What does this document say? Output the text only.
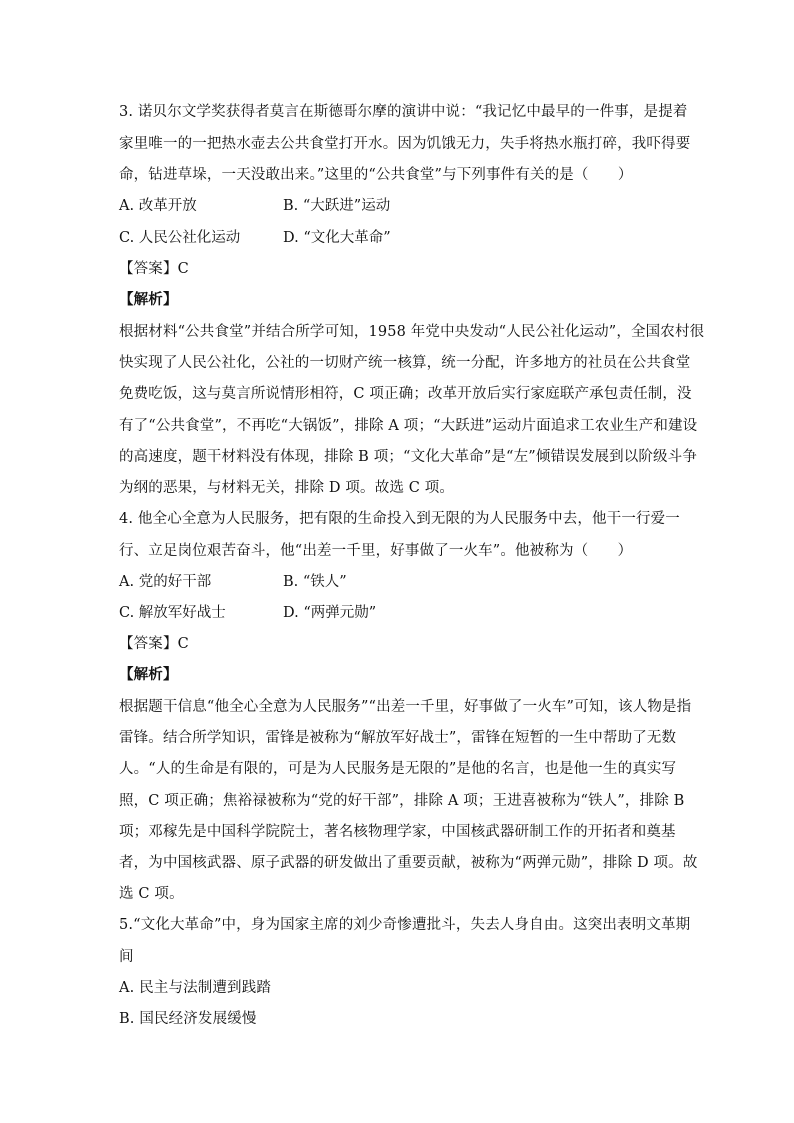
3. 诺贝尔文学奖获得者莫言在斯德哥尔摩的演讲中说：“我记忆中最早的一件事，是提着
家里唯一的一把热水壶去公共食堂打开水。因为饥饿无力，失手将热水瓶打碎，我吓得要
命，钻进草垛，一天没敢出来。”这里的“公共食堂”与下列事件有关的是（　　）
A. 改革开放	B. “大跃进”运动
C. 人民公社化运动	D. “文化大革命”
【答案】C
【解析】
根据材料“公共食堂”并结合所学可知，1958 年党中央发动“人民公社化运动”，全国农村很
快实现了人民公社化，公社的一切财产统一核算，统一分配，许多地方的社员在公共食堂
免费吃饭，这与莫言所说情形相符，C 项正确；改革开放后实行家庭联产承包责任制，没
有了“公共食堂”，不再吃“大锅饭”，排除 A 项；“大跃进”运动片面追求工农业生产和建设
的高速度，题干材料没有体现，排除 B 项；“文化大革命”是“左”倾错误发展到以阶级斗争
为纲的恶果，与材料无关，排除 D 项。故选 C 项。
4. 他全心全意为人民服务，把有限的生命投入到无限的为人民服务中去，他干一行爱一
行、立足岗位艰苦奋斗，他“出差一千里，好事做了一火车”。他被称为（　　）
A. 党的好干部	B. “铁人”
C. 解放军好战士	D. “两弹元勋”
【答案】C
【解析】
根据题干信息“他全心全意为人民服务”“出差一千里，好事做了一火车”可知，该人物是指
雷锋。结合所学知识，雷锋是被称为“解放军好战士”，雷锋在短暂的一生中帮助了无数
人。“人的生命是有限的，可是为人民服务是无限的”是他的名言，也是他一生的真实写
照，C 项正确；焦裕禄被称为“党的好干部”，排除 A 项；王进喜被称为“铁人”，排除 B
项；邓稼先是中国科学院院士，著名核物理学家，中国核武器研制工作的开拓者和奠基
者，为中国核武器、原子武器的研发做出了重要贡献，被称为“两弹元勋”，排除 D 项。故
选 C 项。
5.“文化大革命”中，身为国家主席的刘少奇惨遭批斗，失去人身自由。这突出表明文革期
间
A. 民主与法制遭到践踏
B. 国民经济发展缓慢
